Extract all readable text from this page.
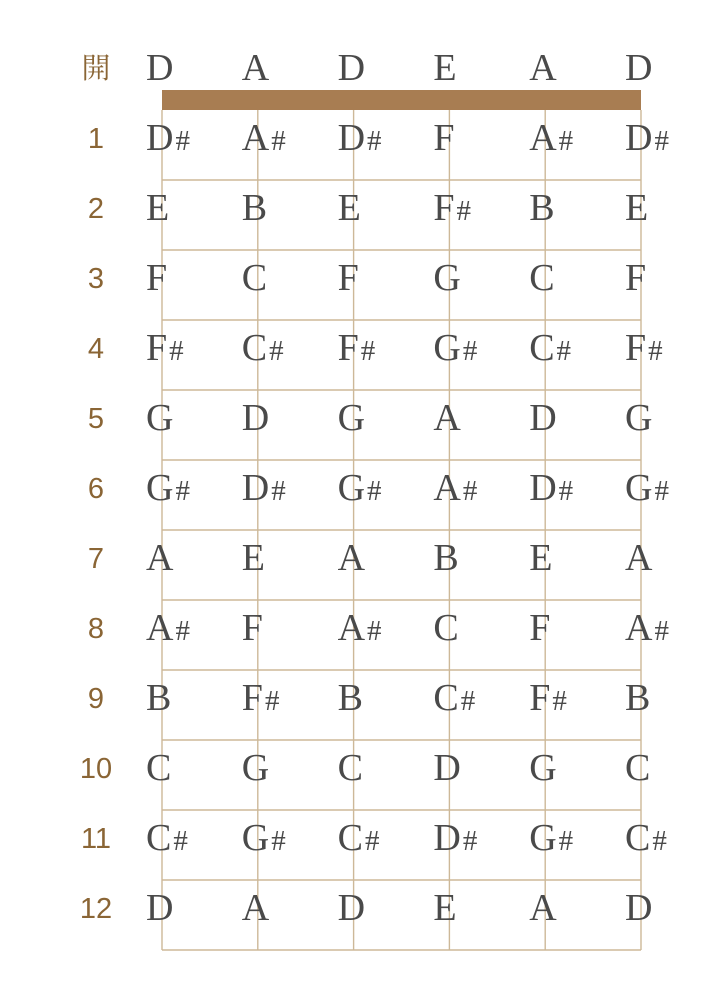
開 D A D E A D
1 D# A# D# F A# D#
2 E B E F# B E
3 F C F G C F
4 F# C# F# G# C# F#
5 G D G A D G
6 G# D# G# A# D# G#
7 A E A B E A
8 A# F A# C F A#
9 B F# B C# F# B
10 C G C D G C
11 C# G# C# D# G# C#
12 D A D E A D
